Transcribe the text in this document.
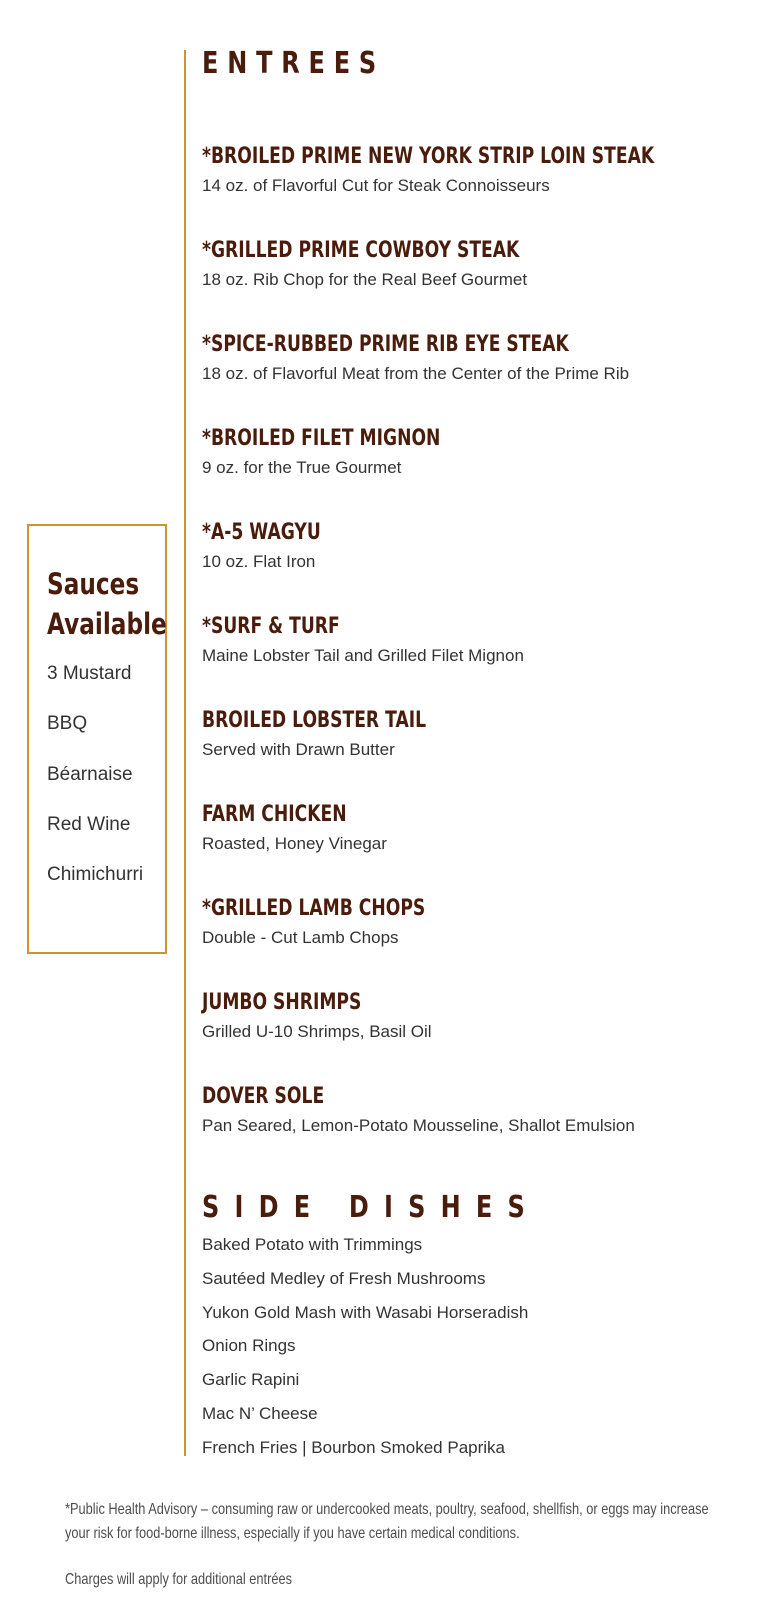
ENTREES
*BROILED PRIME NEW YORK STRIP LOIN STEAK
14 oz. of Flavorful Cut for Steak Connoisseurs
*GRILLED PRIME COWBOY STEAK
18 oz. Rib Chop for the Real Beef Gourmet
*SPICE-RUBBED PRIME RIB EYE STEAK
18 oz. of Flavorful Meat from the Center of the Prime Rib
*BROILED FILET MIGNON
9 oz. for the True Gourmet
*A-5 WAGYU
10 oz. Flat Iron
*SURF & TURF
Maine Lobster Tail and Grilled Filet Mignon
BROILED LOBSTER TAIL
Served with Drawn Butter
FARM CHICKEN
Roasted, Honey Vinegar
*GRILLED LAMB CHOPS
Double - Cut Lamb Chops
JUMBO SHRIMPS
Grilled U-10 Shrimps, Basil Oil
DOVER SOLE
Pan Seared, Lemon-Potato Mousseline, Shallot Emulsion
Sauces
Available
3 Mustard
BBQ
Béarnaise
Red Wine
Chimichurri
SIDE DISHES
Baked Potato with Trimmings
Sautéed Medley of Fresh Mushrooms
Yukon Gold Mash with Wasabi Horseradish
Onion Rings
Garlic Rapini
Mac N’ Cheese
French Fries | Bourbon Smoked Paprika

*Public Health Advisory – consuming raw or undercooked meats, poultry, seafood, shellfish, or eggs may increase your risk for food-borne illness, especially if you have certain medical conditions.

Charges will apply for additional entrées
